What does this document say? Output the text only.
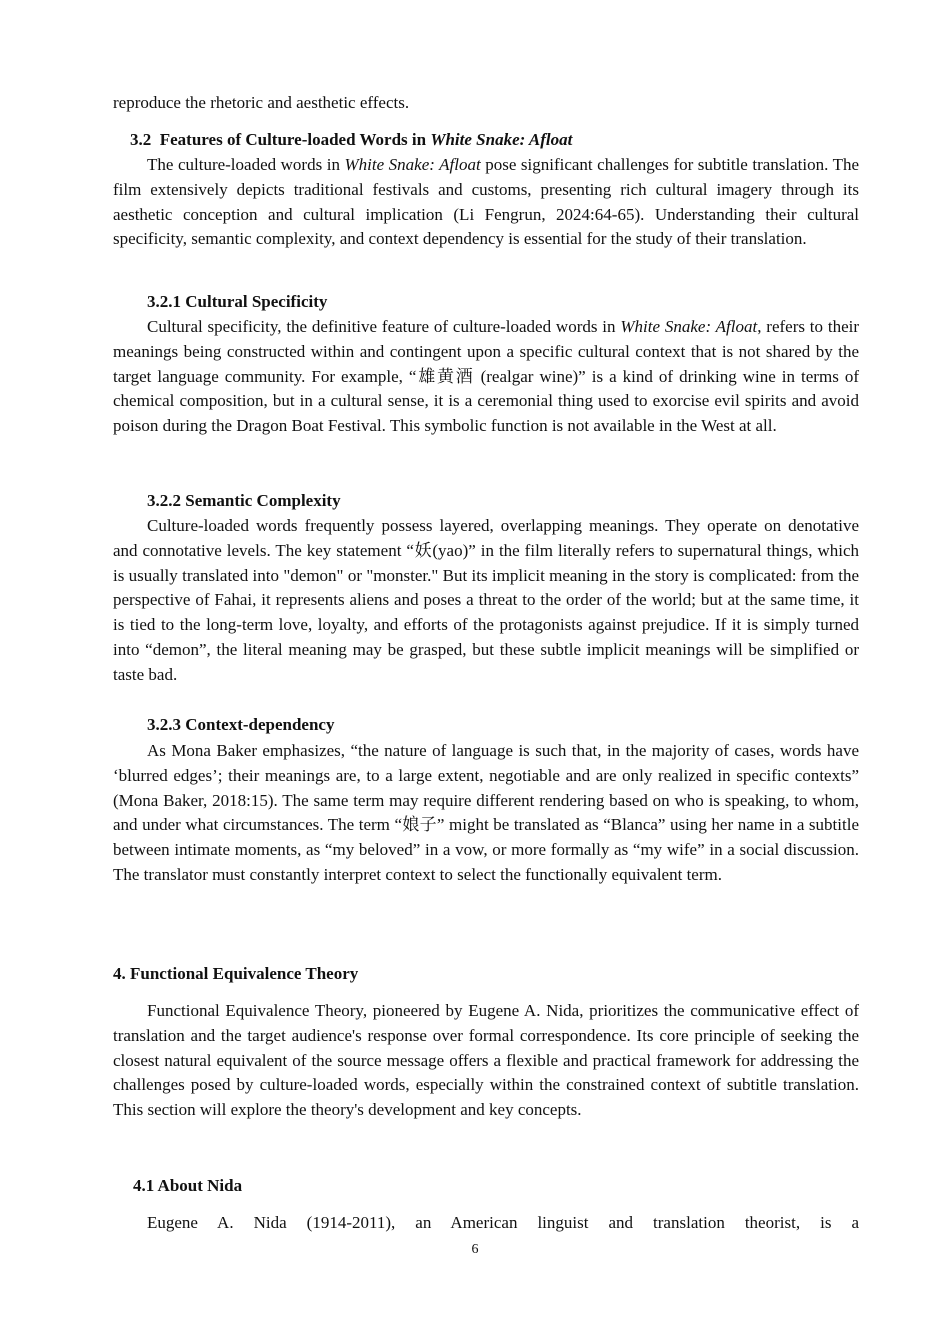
reproduce the rhetoric and aesthetic effects.

3.2 Features of Culture-loaded Words in White Snake: Afloat

The culture-loaded words in White Snake: Afloat pose significant challenges for subtitle translation. The film extensively depicts traditional festivals and customs, presenting rich cultural imagery through its aesthetic conception and cultural implication (Li Fengrun, 2024:64-65). Understanding their cultural specificity, semantic complexity, and context dependency is essential for the study of their translation.

3.2.1 Cultural Specificity

Cultural specificity, the definitive feature of culture-loaded words in White Snake: Afloat, refers to their meanings being constructed within and contingent upon a specific cultural context that is not shared by the target language community. For example, “雄黄酒 (realgar wine)” is a kind of drinking wine in terms of chemical composition, but in a cultural sense, it is a ceremonial thing used to exorcise evil spirits and avoid poison during the Dragon Boat Festival. This symbolic function is not available in the West at all.

3.2.2 Semantic Complexity

Culture-loaded words frequently possess layered, overlapping meanings. They operate on denotative and connotative levels. The key statement “妖(yao)” in the film literally refers to supernatural things, which is usually translated into "demon" or "monster." But its implicit meaning in the story is complicated: from the perspective of Fahai, it represents aliens and poses a threat to the order of the world; but at the same time, it is tied to the long-term love, loyalty, and efforts of the protagonists against prejudice. If it is simply turned into “demon”, the literal meaning may be grasped, but these subtle implicit meanings will be simplified or taste bad.

3.2.3 Context-dependency

As Mona Baker emphasizes, “the nature of language is such that, in the majority of cases, words have ‘blurred edges’; their meanings are, to a large extent, negotiable and are only realized in specific contexts” (Mona Baker, 2018:15). The same term may require different rendering based on who is speaking, to whom, and under what circumstances. The term “娘子” might be translated as “Blanca” using her name in a subtitle between intimate moments, as “my beloved” in a vow, or more formally as “my wife” in a social discussion. The translator must constantly interpret context to select the functionally equivalent term.

4. Functional Equivalence Theory

Functional Equivalence Theory, pioneered by Eugene A. Nida, prioritizes the communicative effect of translation and the target audience's response over formal correspondence. Its core principle of seeking the closest natural equivalent of the source message offers a flexible and practical framework for addressing the challenges posed by culture-loaded words, especially within the constrained context of subtitle translation. This section will explore the theory's development and key concepts.

4.1 About Nida

Eugene A. Nida (1914-2011), an American linguist and translation theorist, is a

6
